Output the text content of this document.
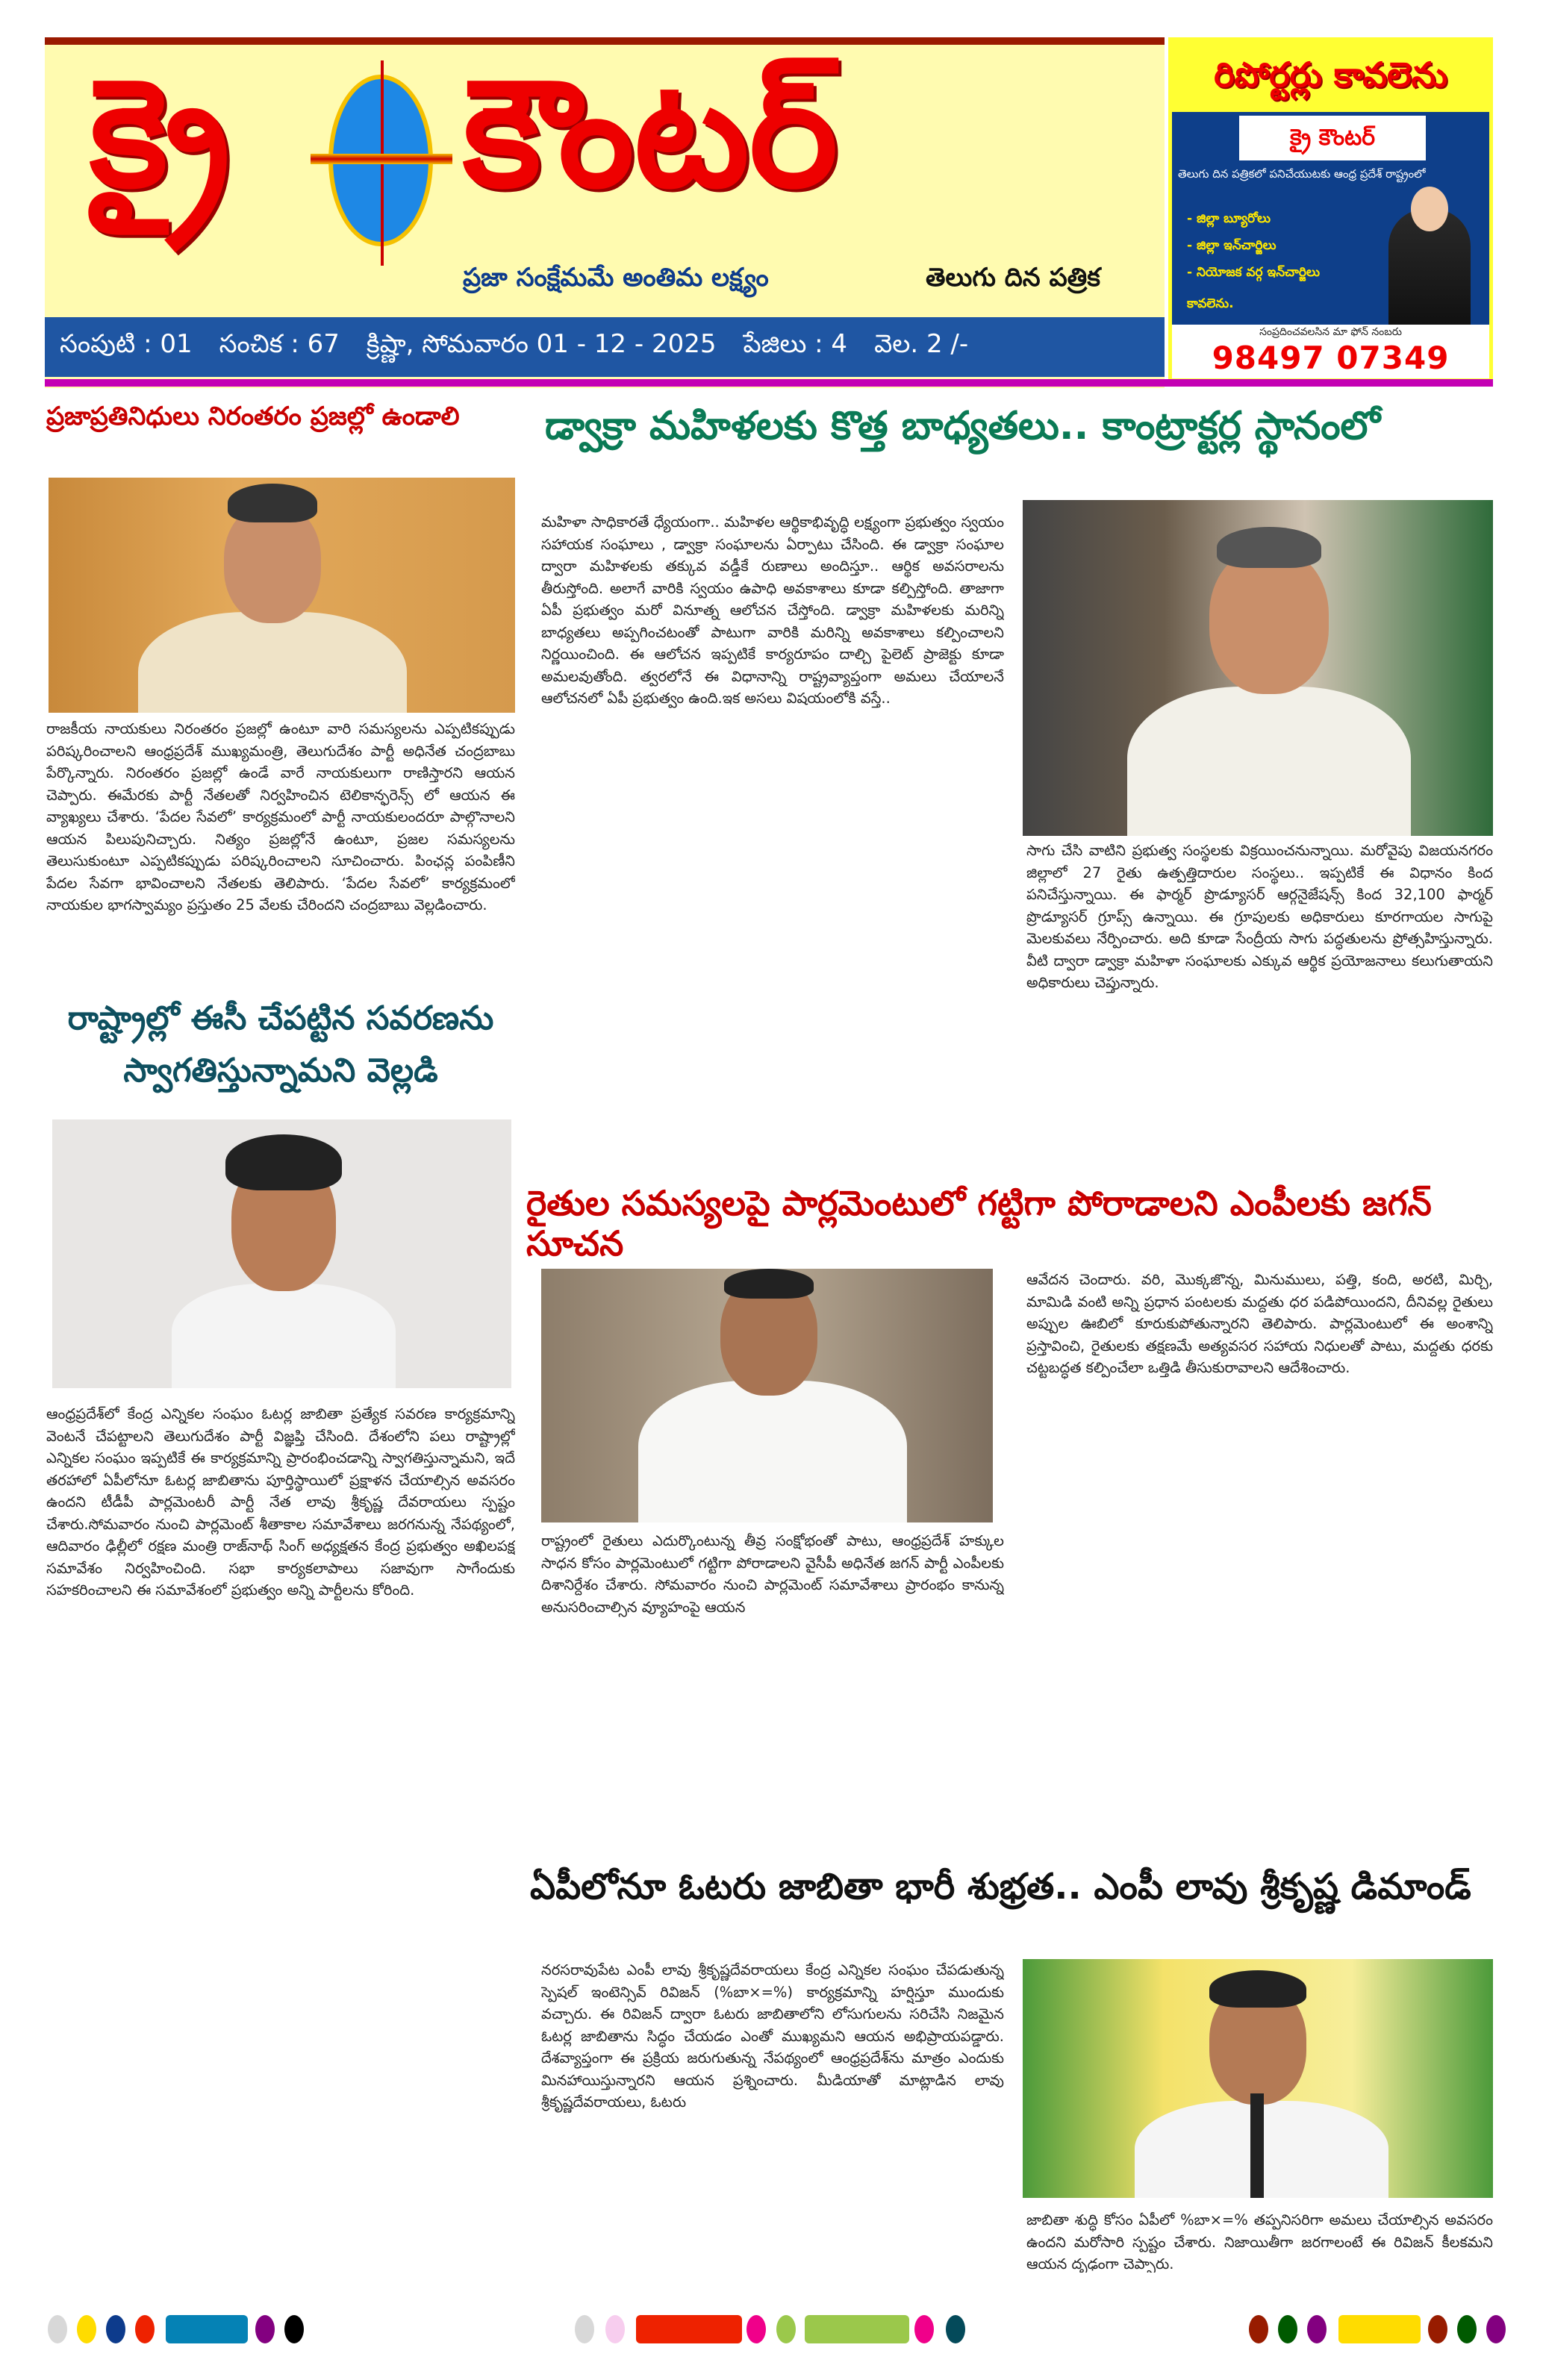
క్రై	కౌంటర్
ప్రజా సంక్షేమమే అంతిమ లక్ష్యం	తెలుగు దిన పత్రిక
సంపుటి : 01 సంచిక : 67 క్రిష్ణా, సోమవారం 01 - 12 - 2025 పేజిలు : 4 వెల. 2 /-
రిపోర్టర్లు కావలెను
క్రై కౌంటర్
తెలుగు దిన పత్రికలో పనిచేయుటకు ఆంధ్ర ప్రదేశ్ రాష్ట్రంలో
- జిల్లా బ్యూరోలు
- జిల్లా ఇన్‌చార్జిలు
- నియోజక వర్గ ఇన్‌చార్జిలు
కావలెను.
సంప్రదించవలసిన మా ఫోన్ నంబరు
98497 07349
ప్రజాప్రతినిధులు నిరంతరం ప్రజల్లో ఉండాలి
రాజకీయ నాయకులు నిరంతరం ప్రజల్లో ఉంటూ వారి సమస్యలను ఎప్పటికప్పుడు పరిష్కరించాలని ఆంధ్రప్రదేశ్ ముఖ్యమంత్రి, తెలుగుదేశం పార్టీ అధినేత చంద్రబాబు పేర్కొన్నారు. నిరంతరం ప్రజల్లో ఉండే వారే నాయకులుగా రాణిస్తారని ఆయన చెప్పారు. ఈమేరకు పార్టీ నేతలతో నిర్వహించిన టెలికాన్ఫరెన్స్ లో ఆయన ఈ వ్యాఖ్యలు చేశారు. ‘పేదల సేవలో’ కార్యక్రమంలో పార్టీ నాయకులందరూ పాల్గొనాలని ఆయన పిలుపునిచ్చారు. నిత్యం ప్రజల్లోనే ఉంటూ, ప్రజల సమస్యలను తెలుసుకుంటూ ఎప్పటికప్పుడు పరిష్కరించాలని సూచించారు. పింఛన్ల పంపిణీని పేదల సేవగా భావించాలని నేతలకు తెలిపారు. ‘పేదల సేవలో’ కార్యక్రమంలో నాయకుల భాగస్వామ్యం ప్రస్తుతం 25 వేలకు చేరిందని చంద్రబాబు వెల్లడించారు.
రాష్ట్రాల్లో ఈసీ చేపట్టిన సవరణను
స్వాగతిస్తున్నామని వెల్లడి
ఆంధ్రప్రదేశ్‌లో కేంద్ర ఎన్నికల సంఘం ఓటర్ల జాబితా ప్రత్యేక సవరణ కార్యక్రమాన్ని వెంటనే చేపట్టాలని తెలుగుదేశం పార్టీ విజ్ఞప్తి చేసింది. దేశంలోని పలు రాష్ట్రాల్లో ఎన్నికల సంఘం ఇప్పటికే ఈ కార్యక్రమాన్ని ప్రారంభించడాన్ని స్వాగతిస్తున్నామని, ఇదే తరహాలో ఏపీలోనూ ఓటర్ల జాబితాను పూర్తిస్థాయిలో ప్రక్షాళన చేయాల్సిన అవసరం ఉందని టీడీపీ పార్లమెంటరీ పార్టీ నేత లావు శ్రీకృష్ణ దేవరాయలు స్పష్టం చేశారు.సోమవారం నుంచి పార్లమెంట్ శీతాకాల సమావేశాలు జరగనున్న నేపథ్యంలో, ఆదివారం ఢిల్లీలో రక్షణ మంత్రి రాజ్‌నాథ్ సింగ్ అధ్యక్షతన కేంద్ర ప్రభుత్వం అఖిలపక్ష సమావేశం నిర్వహించింది. సభా కార్యకలాపాలు సజావుగా సాగేందుకు సహకరించాలని ఈ సమావేశంలో ప్రభుత్వం అన్ని పార్టీలను కోరింది.
డ్వాక్రా మహిళలకు కొత్త బాధ్యతలు.. కాంట్రాక్టర్ల స్థానంలో
మహిళా సాధికారతే ధ్యేయంగా.. మహిళల ఆర్థికాభివృద్ధి లక్ష్యంగా ప్రభుత్వం స్వయం సహాయక సంఘాలు , డ్వాక్రా సంఘాలను ఏర్పాటు చేసింది. ఈ డ్వాక్రా సంఘాల ద్వారా మహిళలకు తక్కువ వడ్డీకే రుణాలు అందిస్తూ.. ఆర్థిక అవసరాలను తీరుస్తోంది. అలాగే వారికి స్వయం ఉపాధి అవకాశాలు కూడా కల్పిస్తోంది. తాజాగా ఏపీ ప్రభుత్వం మరో వినూత్న ఆలోచన చేస్తోంది. డ్వాక్రా మహిళలకు మరిన్ని బాధ్యతలు అప్పగించటంతో పాటుగా వారికి మరిన్ని అవకాశాలు కల్పించాలని నిర్ణయించింది. ఈ ఆలోచన ఇప్పటికే కార్యరూపం దాల్చి పైలెట్ ప్రాజెక్టు కూడా అమలవుతోంది. త్వరలోనే ఈ విధానాన్ని రాష్ట్రవ్యాప్తంగా అమలు చేయాలనే ఆలోచనలో ఏపీ ప్రభుత్వం ఉంది.ఇక అసలు విషయంలోకి వస్తే..
సాగు చేసి వాటిని ప్రభుత్వ సంస్థలకు విక్రయించనున్నాయి. మరోవైపు విజయనగరం జిల్లాలో 27 రైతు ఉత్పత్తిదారుల సంస్థలు.. ఇప్పటికే ఈ విధానం కింద పనిచేస్తున్నాయి. ఈ ఫార్మర్ ప్రొడ్యూసర్ ఆర్గనైజేషన్స్ కింద 32,100 ఫార్మర్ ప్రొడ్యూసర్ గ్రూప్స్ ఉన్నాయి. ఈ గ్రూపులకు అధికారులు కూరగాయల సాగుపై మెలకువలు నేర్పించారు. అది కూడా సేంద్రీయ సాగు పద్ధతులను ప్రోత్సహిస్తున్నారు. వీటి ద్వారా డ్వాక్రా మహిళా సంఘాలకు ఎక్కువ ఆర్థిక ప్రయోజనాలు కలుగుతాయని అధికారులు చెప్తున్నారు.
రైతుల సమస్యలపై పార్లమెంటులో గట్టిగా పోరాడాలని ఎంపీలకు జగన్ సూచన
రాష్ట్రంలో రైతులు ఎదుర్కొంటున్న తీవ్ర సంక్షోభంతో పాటు, ఆంధ్రప్రదేశ్ హక్కుల సాధన కోసం పార్లమెంటులో గట్టిగా పోరాడాలని వైసీపీ అధినేత జగన్ పార్టీ ఎంపీలకు దిశానిర్దేశం చేశారు. సోమవారం నుంచి పార్లమెంట్ సమావేశాలు ప్రారంభం కానున్న అనుసరించాల్సిన వ్యూహంపై ఆయన
ఆవేదన చెందారు. వరి, మొక్కజొన్న, మినుములు, పత్తి, కంది, అరటి, మిర్చి, మామిడి వంటి అన్ని ప్రధాన పంటలకు మద్దతు ధర పడిపోయిందని, దీనివల్ల రైతులు అప్పుల ఊబిలో కూరుకుపోతున్నారని తెలిపారు. పార్లమెంటులో ఈ అంశాన్ని ప్రస్తావించి, రైతులకు తక్షణమే అత్యవసర సహాయ నిధులతో పాటు, మద్దతు ధరకు చట్టబద్ధత కల్పించేలా ఒత్తిడి తీసుకురావాలని ఆదేశించారు.
ఏపీలోనూ ఓటరు జాబితా భారీ శుభ్రత.. ఎంపీ లావు శ్రీకృష్ణ డిమాండ్
నరసరావుపేట ఎంపీ లావు శ్రీకృష్ణదేవరాయలు కేంద్ర ఎన్నికల సంఘం చేపడుతున్న స్పెషల్ ఇంటెన్సివ్ రివిజన్ (%బా×=%) కార్యక్రమాన్ని హర్షిస్తూ ముందుకు వచ్చారు. ఈ రివిజన్ ద్వారా ఓటరు జాబితాలోని లోసుగులను సరిచేసి నిజమైన ఓటర్ల జాబితాను సిద్ధం చేయడం ఎంతో ముఖ్యమని ఆయన అభిప్రాయపడ్డారు. దేశవ్యాప్తంగా ఈ ప్రక్రియ జరుగుతున్న నేపథ్యంలో ఆంధ్రప్రదేశ్‌ను మాత్రం ఎందుకు మినహాయిస్తున్నారని ఆయన ప్రశ్నించారు. మీడియాతో మాట్లాడిన లావు శ్రీకృష్ణదేవరాయలు, ఓటరు
జాబితా శుద్ధి కోసం ఏపీలో %బా×=% తప్పనిసరిగా అమలు చేయాల్సిన అవసరం ఉందని మరోసారి స్పష్టం చేశారు. నిజాయితీగా జరగాలంటే ఈ రివిజన్ కీలకమని ఆయన దృఢంగా చెప్పారు.
